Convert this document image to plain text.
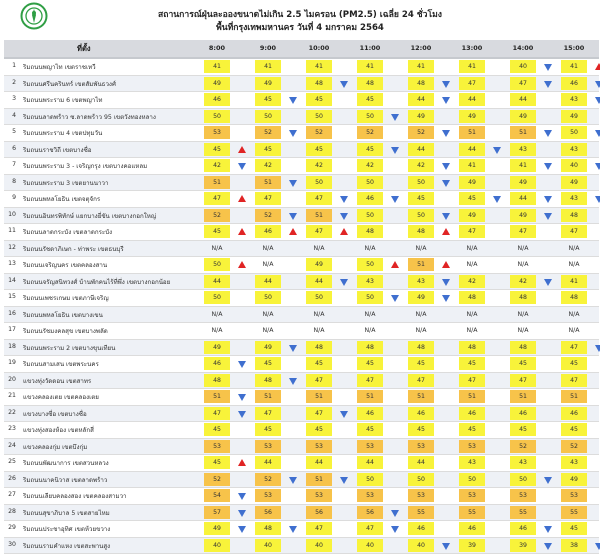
สถานการณ์ฝุ่นละอองขนาดไม่เกิน 2.5 ไมครอน (PM2.5) เฉลี่ย 24 ชั่วโมง
พื้นที่กรุงเทพมหานคร วันที่ 4 มกราคม 2564
ที่ตั้ง	8:00	9:00	10:00	11:00	12:00	13:00	14:00	15:00
1 ริมถนนพญาไท เขตราชเทวี	41	41	41	41	41	41	40	41
2 ริมถนนศรีนครินทร์ เขตสัมพันธวงศ์	49	49	48	48	48	47	47	46
3 ริมถนนพระราม 6 เขตพญาไท	46	45	45	45	44	44	44	43
4 ริมถนนลาดพร้าว ซ.ลาดพร้าว 95 เขตวังทองหลาง	50	50	50	50	49	49	49	49
5 ริมถนนพระราม 4 เขตปทุมวัน	53	52	52	52	52	51	51	50
6 ริมถนนราชวิถี เขตบางซื่อ	45	45	45	45	44	44	43	43
7 ริมถนนพระราม 3 - เจริญกรุง เขตบางคอแหลม	42	42	42	42	42	41	41	40
8 ริมถนนพระราม 3 เขตยานนาวา	51	51	50	50	50	49	49	49
9 ริมถนนพหลโยธิน เขตจตุจักร	47	47	47	46	45	45	44	43
10 ริมถนนอินทรพิทักษ์ แยกบางยี่ขัน เขตบางกอกใหญ่	52	52	51	50	50	49	49	48
11 ริมถนนลาดกระบัง เขตลาดกระบัง	45	46	47	48	48	47	47	47
12 ริมถนนรัชดาภิเษก - ท่าพระ เขตธนบุรี	N/A	N/A	N/A	N/A	N/A	N/A	N/A	N/A
13 ริมถนนเจริญนคร เขตคลองสาน	50	N/A	49	50	51	N/A	N/A	N/A
14 ริมถนนจรัญสนิทวงศ์ บ้านพักคนไร้ที่พึ่ง เขตบางกอกน้อย	44	44	44	43	43	42	42	41
15 ริมถนนเพชรเกษม เขตภาษีเจริญ	50	50	50	50	49	48	48	48
16 ริมถนนพหลโยธิน เขตบางเขน	N/A	N/A	N/A	N/A	N/A	N/A	N/A	N/A
17 ริมถนนรัชมงคลสุข เขตบางพลัด	N/A	N/A	N/A	N/A	N/A	N/A	N/A	N/A
18 ริมถนนพระราม 2 เขตบางขุนเทียน	49	49	48	48	48	48	48	47
19 ริมถนนสามเสน เขตพระนคร	46	45	45	45	45	45	45	45
20 แขวงทุ่งวัดดอน เขตสาทร	48	48	47	47	47	47	47	47
21 แขวงคลองเตย เขตคลองเตย	51	51	51	51	51	51	51	51
22 แขวงบางซื่อ เขตบางซื่อ	47	47	47	46	46	46	46	46
23 แขวงทุ่งสองห้อง เขตหลักสี่	45	45	45	45	45	45	45	45
24 แขวงคลองกุ่ม เขตบึงกุ่ม	53	53	53	53	53	53	52	52
25 ริมถนนพัฒนาการ เขตสวนหลวง	45	44	44	44	44	43	43	43
26 ริมถนนนาคนิวาส เขตลาดพร้าว	52	52	51	50	50	50	50	49
27 ริมถนนเลียบคลองสอง เขตคลองสามวา	54	53	53	53	53	53	53	53
28 ริมถนนสุขาภิบาล 5 เขตสายไหม	57	56	56	56	55	55	55	55
29 ริมถนนประชาอุทิศ เขตห้วยขวาง	49	48	47	47	46	46	46	45
30 ริมถนนรามคำแหง เขตสะพานสูง	40	40	40	40	40	39	39	38
